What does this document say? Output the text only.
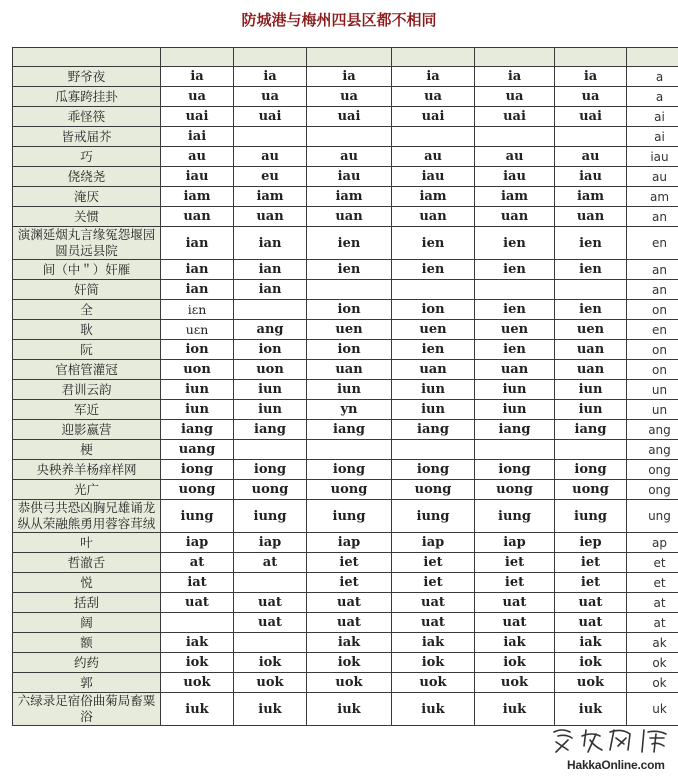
防城港与梅州四县区都不相同

野爷夜	ia	ia	ia	ia	ia	ia	a
瓜寡跨挂卦	ua	ua	ua	ua	ua	ua	a
乖怪筷	uai	uai	uai	uai	uai	uai	ai
皆戒届芥	iai						ai
巧	au	au	au	au	au	au	iau
侥绕尧	iau	eu	iau	iau	iau	iau	au
淹厌	iam	iam	iam	iam	iam	iam	am
关惯	uan	uan	uan	uan	uan	uan	an
演渊延烟丸言缘冤怨堰园圆员远县院	ian	ian	ien	ien	ien	ien	en
间（中＂）奸雁	ian	ian	ien	ien	ien	ien	an
奸简	ian	ian					an
全	iɛn		ion	ion	ien	ien	on
耿	uɛn	ang	uen	uen	uen	uen	en
阮	ion	ion	ion	ien	ien	uan	on
官棺管灌冠	uon	uon	uan	uan	uan	uan	on
君训云韵	iun	iun	iun	iun	iun	iun	un
军近	iun	iun	yn	iun	iun	iun	un
迎影嬴营	iang	iang	iang	iang	iang	iang	ang
梗	uang						ang
央秧养羊杨痒样网	iong	iong	iong	iong	iong	iong	ong
光广	uong	uong	uong	uong	uong	uong	ong
恭供弓共恐凶胸兄雄诵龙纵从荣融熊勇用蓉容茸绒	iung	iung	iung	iung	iung	iung	ung
叶	iap	iap	iap	iap	iap	iep	ap
哲澈舌	at	at	iet	iet	iet	iet	et
悦	iat		iet	iet	iet	iet	et
括刮	uat	uat	uat	uat	uat	uat	at
阔		uat	uat	uat	uat	uat	at
额	iak		iak	iak	iak	iak	ak
约药	iok	iok	iok	iok	iok	iok	ok
郭	uok	uok	uok	uok	uok	uok	ok
六绿录足宿俗曲菊局畜粟浴	iuk	iuk	iuk	iuk	iuk	iuk	uk
HakkaOnline.com
